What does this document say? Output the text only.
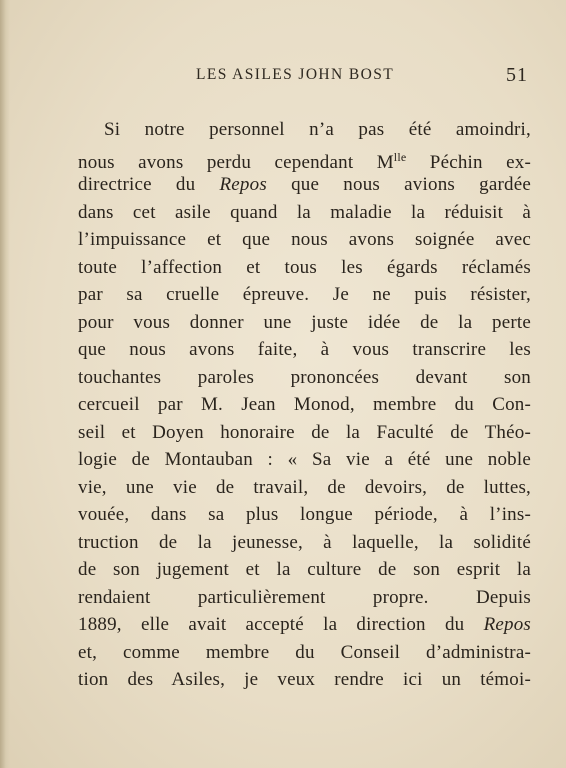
LES ASILES JOHN BOST	51
Si notre personnel n’a pas été amoindri,
nous avons perdu cependant $M^{lle}$ Péchin ex-
directrice du Repos que nous avions gardée
dans cet asile quand la maladie la réduisit à
l’impuissance et que nous avons soignée avec
toute l’affection et tous les égards réclamés
par sa cruelle épreuve. Je ne puis résister,
pour vous donner une juste idée de la perte
que nous avons faite, à vous transcrire les
touchantes paroles prononcées devant son
cercueil par M. Jean Monod, membre du Con-
seil et Doyen honoraire de la Faculté de Théo-
logie de Montauban : « Sa vie a été une noble
vie, une vie de travail, de devoirs, de luttes,
vouée, dans sa plus longue période, à l’ins-
truction de la jeunesse, à laquelle, la solidité
de son jugement et la culture de son esprit la
rendaient particulièrement propre. Depuis
1889, elle avait accepté la direction du Repos
et, comme membre du Conseil d’administra-
tion des Asiles, je veux rendre ici un témoi-
